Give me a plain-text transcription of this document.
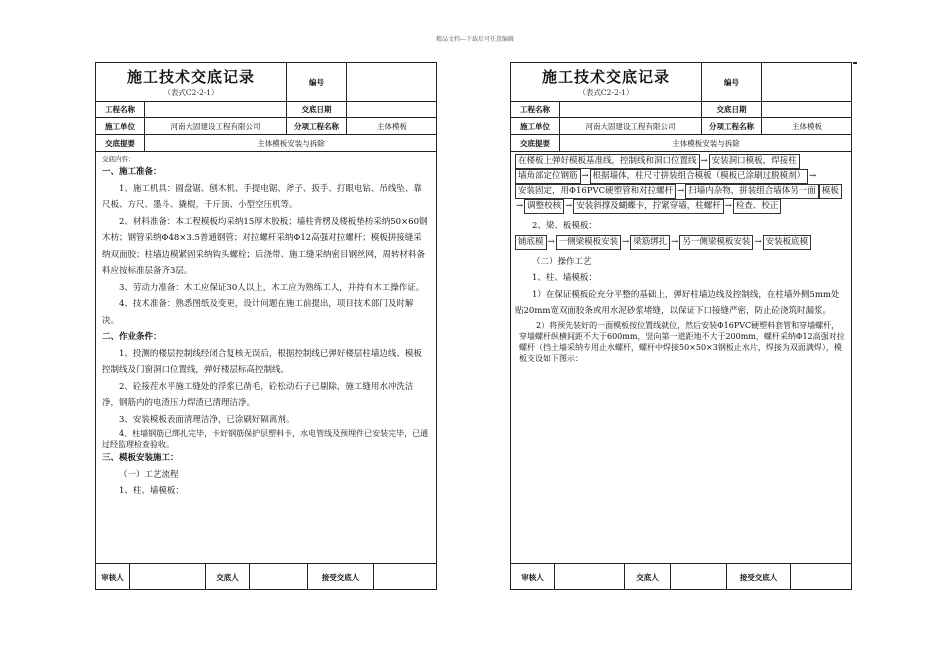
精品文档---下载后可任意编辑
施工技术交底记录
（表式C2-2-1）
编号
工程名称	交底日期
施工单位	河南大固建设工程有限公司	分项工程名称	主体模板
交底提要	主体模板安装与拆除

交底内容：

一、施工准备：

1、施工机具：圆盘锯、刨木机、手提电锯、斧子、扳手、打眼电钻、吊线坠、靠尺板、方尺、墨斗、撬棍，千斤顶、小型空压机等。

2、材料准备：本工程模板均采纳15厚木胶板；墙柱背楞及楼板垫枋采纳50×60钢木枋；钢管采纳Φ48×3.5普通钢管；对拉螺杆采纳Φ12高强对拉螺杆；模板拼接缝采纳双面胶；柱墙边模紧固采纳钩头螺栓；后浇带、施工缝采纳密目钢丝网，周转材料备料应按标准层备齐3层。

3、劳动力准备：木工应保证30人以上，木工应为熟练工人，并持有木工操作证。

4、技术准备：熟悉图纸及变更，设计问题在施工前提出，项目技术部门及时解决。

二、作业条件：

1、投测的楼层控制线经闭合复核无误后，根据控制线已弹好楼层柱墙边线、模板控制线及门窗洞口位置线，弹好楼层标高控制线。

2、砼接茬水平施工缝处的浮浆已凿毛，砼松动石子已剔除，施工缝用水冲洗洁净，钢筋内的电渣压力焊渣已清理洁净。

3、安装模板表面清理洁净，已涂刷好隔离剂。

4、柱墙钢筋已绑扎完毕，卡好钢筋保护层塑料卡，水电管线及预埋件已安装完毕，已通过经监理检查验收。

三、模板安装施工：

（一）工艺流程

1、柱、墙模板：

审核人	交底人	接受交底人
施工技术交底记录
（表式C2-2-1）
编号
工程名称	交底日期
施工单位	河南大固建设工程有限公司	分项工程名称	主体模板
交底提要	主体模板安装与拆除
在楼板上弹好模板基准线，控制线和洞口位置线 → 安装洞口模板，焊接柱
墙角部定位钢筋 → 根据墙体，柱尺寸拼装组合模板（模板已涂刷过脱模剂） →
安装固定，用Φ16PVC硬塑管和对拉螺杆 → 扫墙内杂物，拼装组合墙体另一面 模板
→ 调整校核 → 安装斜撑及蝴蝶卡，拧紧穿墙，柱螺杆 → 检查、校正

2、梁、板模板：

铺底模 → 一侧梁模板安装 → 梁筋绑扎 → 另一侧梁模板安装 → 安装板底模

（二）操作工艺

1、柱、墙模板：

1）在保证模板砼充分平整的基础上，弹好柱墙边线及控制线，在柱墙外侧5mm处贴20mm宽双面胶条或用水泥砂浆堵缝，以保证下口接缝严密，防止砼浇筑时漏浆。

2）将预先装好的一面模板按位置线就位，然后安装Φ16PVC硬塑料套管和穿墙螺杆，穿墙螺杆纵横间距不大于600mm，竖向第一道距地不大于200mm，螺杆采纳Φ12高强对拉螺杆（挡土墙采纳专用止水螺杆，螺杆中焊接50×50×3钢板止水片，焊接为双面满焊），模板支设如下图示：

审核人	交底人	接受交底人
